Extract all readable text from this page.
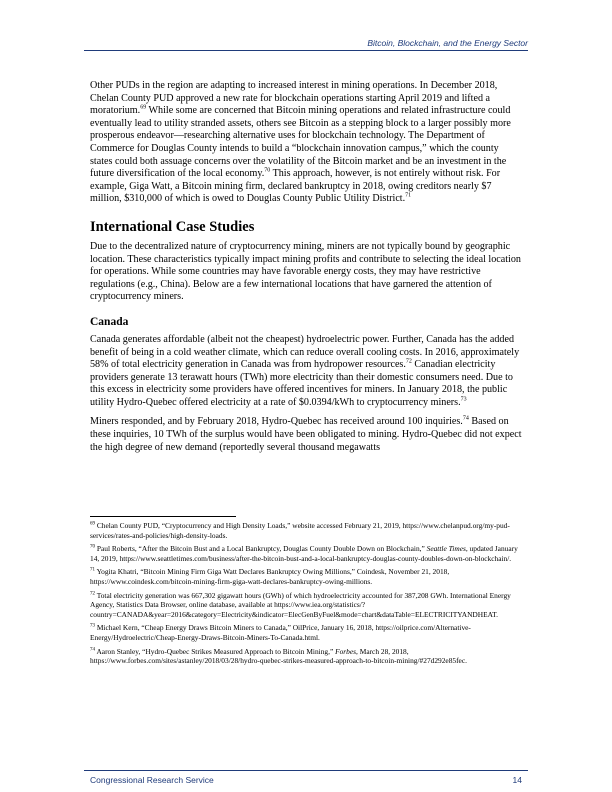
Bitcoin, Blockchain, and the Energy Sector

Other PUDs in the region are adapting to increased interest in mining operations. In December 2018, Chelan County PUD approved a new rate for blockchain operations starting April 2019 and lifted a moratorium.$^{69}$ While some are concerned that Bitcoin mining operations and related infrastructure could eventually lead to utility stranded assets, others see Bitcoin as a stepping block to a larger possibly more prosperous endeavor—researching alternative uses for blockchain technology. The Department of Commerce for Douglas County intends to build a “blockchain innovation campus,” which the county states could both assuage concerns over the volatility of the Bitcoin market and be an investment in the future diversification of the local economy.$^{70}$ This approach, however, is not entirely without risk. For example, Giga Watt, a Bitcoin mining firm, declared bankruptcy in 2018, owing creditors nearly $7 million, $310,000 of which is owed to Douglas County Public Utility District.$^{71}$

International Case Studies

Due to the decentralized nature of cryptocurrency mining, miners are not typically bound by geographic location. These characteristics typically impact mining profits and contribute to selecting the ideal location for operations. While some countries may have favorable energy costs, they may have restrictive regulations (e.g., China). Below are a few international locations that have garnered the attention of cryptocurrency miners.

Canada

Canada generates affordable (albeit not the cheapest) hydroelectric power. Further, Canada has the added benefit of being in a cold weather climate, which can reduce overall cooling costs. In 2016, approximately 58% of total electricity generation in Canada was from hydropower resources.$^{72}$ Canadian electricity providers generate 13 terawatt hours (TWh) more electricity than their domestic consumers need. Due to this excess in electricity some providers have offered incentives for miners. In January 2018, the public utility Hydro-Quebec offered electricity at a rate of $0.0394/kWh to cryptocurrency miners.$^{73}$

Miners responded, and by February 2018, Hydro-Quebec has received around 100 inquiries.$^{74}$ Based on these inquiries, 10 TWh of the surplus would have been obligated to mining. Hydro-Quebec did not expect the high degree of new demand (reportedly several thousand megawatts

$^{69}$ Chelan County PUD, “Cryptocurrency and High Density Loads,” website accessed February 21, 2019, https://www.chelanpud.org/my-pud-services/rates-and-policies/high-density-loads.

$^{70}$ Paul Roberts, “After the Bitcoin Bust and a Local Bankruptcy, Douglas County Double Down on Blockchain,” Seattle Times, updated January 14, 2019, https://www.seattletimes.com/business/after-the-bitcoin-bust-and-a-local-bankruptcy-douglas-county-doubles-down-on-blockchain/.

$^{71}$ Yogita Khatri, “Bitcoin Mining Firm Giga Watt Declares Bankruptcy Owing Millions,” Coindesk, November 21, 2018, https://www.coindesk.com/bitcoin-mining-firm-giga-watt-declares-bankruptcy-owing-millions.

$^{72}$ Total electricity generation was 667,302 gigawatt hours (GWh) of which hydroelectricity accounted for 387,208 GWh. International Energy Agency, Statistics Data Browser, online database, available at https://www.iea.org/statistics/?country=CANADA&year=2016&category=Electricity&indicator=ElecGenByFuel&mode=chart&dataTable=ELECTRICITYANDHEAT.

$^{73}$ Michael Kern, “Cheap Energy Draws Bitcoin Miners to Canada,” OilPrice, January 16, 2018, https://oilprice.com/Alternative-Energy/Hydroelectric/Cheap-Energy-Draws-Bitcoin-Miners-To-Canada.html.

$^{74}$ Aaron Stanley, “Hydro-Quebec Strikes Measured Approach to Bitcoin Mining,” Forbes, March 28, 2018, https://www.forbes.com/sites/astanley/2018/03/28/hydro-quebec-strikes-measured-approach-to-bitcoin-mining/#27d292e85fec.

Congressional Research Service	14
